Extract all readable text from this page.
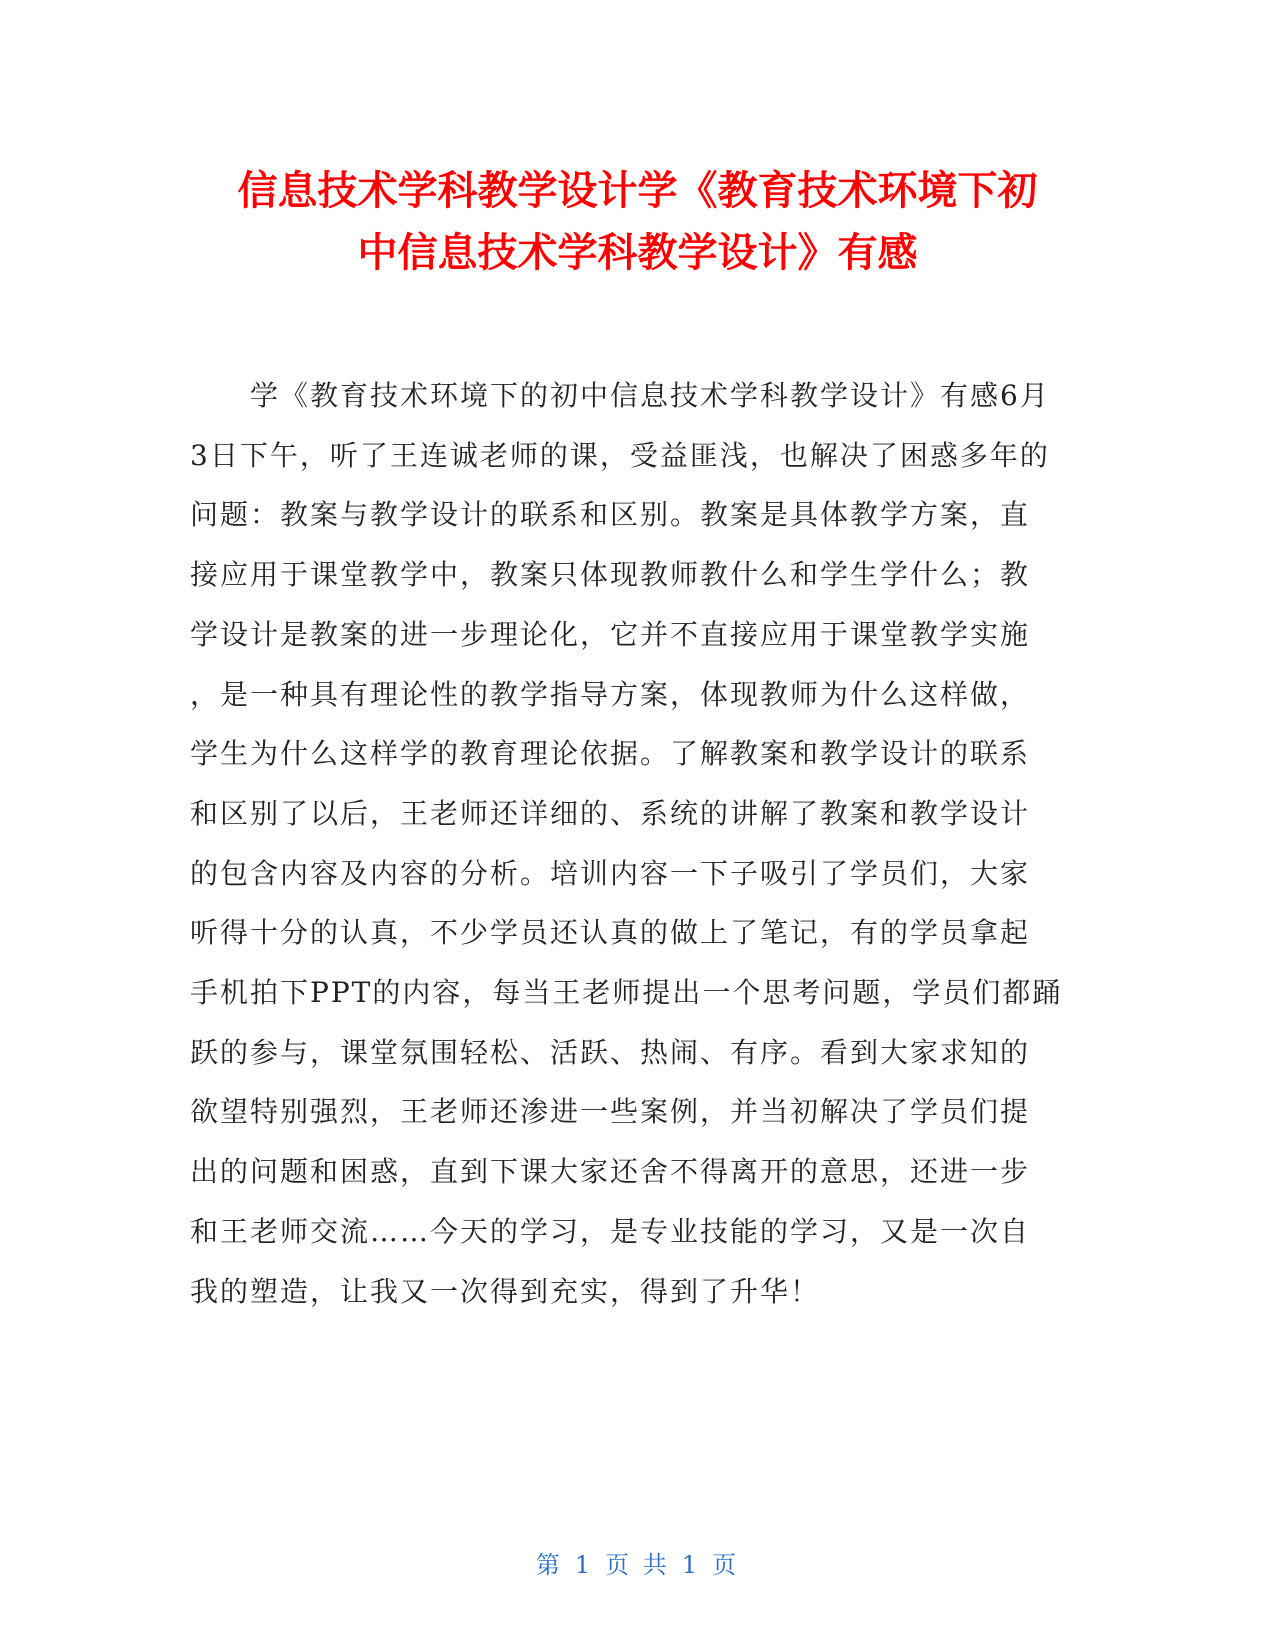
信息技术学科教学设计学《教育技术环境下初
中信息技术学科教学设计》有感
学《教育技术环境下的初中信息技术学科教学设计》有感6月
3日下午，听了王连诚老师的课，受益匪浅，也解决了困惑多年的
问题：教案与教学设计的联系和区别。教案是具体教学方案，直
接应用于课堂教学中，教案只体现教师教什么和学生学什么；教
学设计是教案的进一步理论化，它并不直接应用于课堂教学实施
，是一种具有理论性的教学指导方案，体现教师为什么这样做，
学生为什么这样学的教育理论依据。了解教案和教学设计的联系
和区别了以后，王老师还详细的、系统的讲解了教案和教学设计
的包含内容及内容的分析。培训内容一下子吸引了学员们，大家
听得十分的认真，不少学员还认真的做上了笔记，有的学员拿起
手机拍下PPT的内容，每当王老师提出一个思考问题，学员们都踊
跃的参与，课堂氛围轻松、活跃、热闹、有序。看到大家求知的
欲望特别强烈，王老师还渗进一些案例，并当初解决了学员们提
出的问题和困惑，直到下课大家还舍不得离开的意思，还进一步
和王老师交流……今天的学习，是专业技能的学习，又是一次自
我的塑造，让我又一次得到充实，得到了升华！
第 1 页 共 1 页
